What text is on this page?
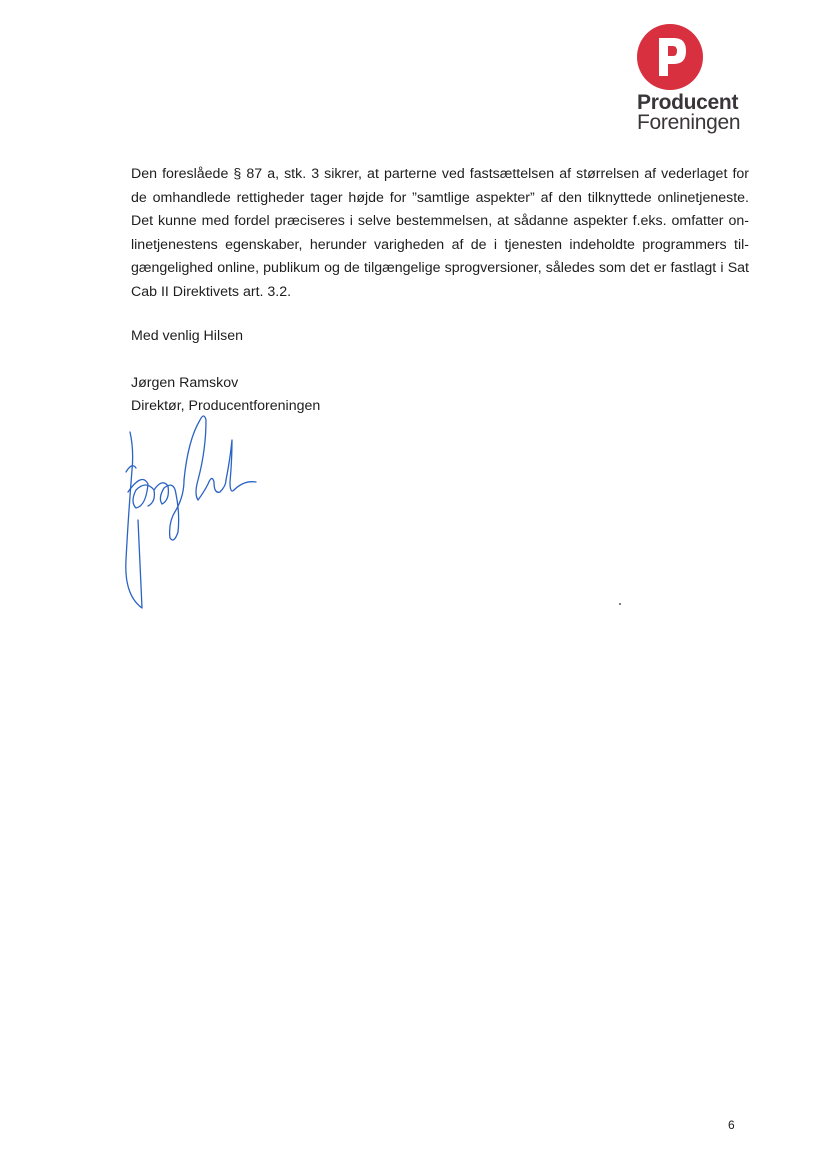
Producent
Foreningen

Den foreslåede § 87 a, stk. 3 sikrer, at parterne ved fastsættelsen af størrelsen af vederlaget for de omhandlede rettigheder tager højde for ”samtlige aspekter” af den tilknyttede onlinetjeneste. Det kunne med fordel præciseres i selve bestemmelsen, at sådanne aspekter f.eks. omfatter on-linetjenestens egenskaber, herunder varigheden af de i tjenesten indeholdte programmers til-gængelighed online, publikum og de tilgængelige sprogversioner, således som det er fastlagt i Sat Cab II Direktivets art. 3.2.

Med venlig Hilsen
Jørgen Ramskov
Direktør, Producentforeningen
6
